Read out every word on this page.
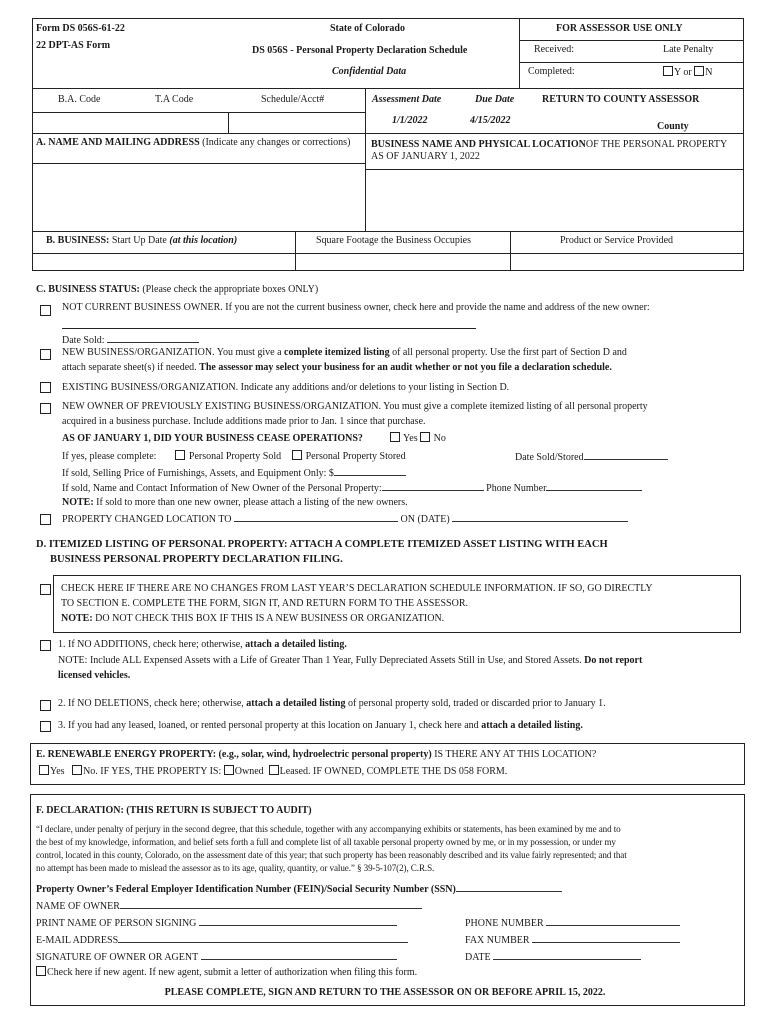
Form DS 056S-61-22
22 DPT-AS Form
State of Colorado
DS 056S - Personal Property Declaration Schedule
Confidential Data
FOR ASSESSOR USE ONLY
Received:	Late Penalty
Completed:	Y or N
B.A. Code	T.A Code	Schedule/Acct#	Assessment Date	Due Date	RETURN TO COUNTY ASSESSOR
1/1/2022	4/15/2022
County
A. NAME AND MAILING ADDRESS (Indicate any changes or corrections)	BUSINESS NAME AND PHYSICAL LOCATIONOF THE PERSONAL PROPERTY AS OF JANUARY 1, 2022
B. BUSINESS: Start Up Date (at this location)	Square Footage the Business Occupies	Product or Service Provided
C. BUSINESS STATUS: (Please check the appropriate boxes ONLY)
NOT CURRENT BUSINESS OWNER. If you are not the current business owner, check here and provide the name and address of the new owner:
Date Sold:
NEW BUSINESS/ORGANIZATION. You must give a complete itemized listing of all personal property. Use the first part of Section D and
attach separate sheet(s) if needed. The assessor may select your business for an audit whether or not you file a declaration schedule.
EXISTING BUSINESS/ORGANIZATION. Indicate any additions and/or deletions to your listing in Section D.
NEW OWNER OF PREVIOUSLY EXISTING BUSINESS/ORGANIZATION. You must give a complete itemized listing of all personal property
acquired in a business purchase. Include additions made prior to Jan. 1 since that purchase.
AS OF JANUARY 1, DID YOUR BUSINESS CEASE OPERATIONS?	Yes No
If yes, please complete:	Personal Property Sold Personal Property Stored	Date Sold/Stored
If sold, Selling Price of Furnishings, Assets, and Equipment Only: $
If sold, Name and Contact Information of New Owner of the Personal Property:	Phone Number
NOTE: If sold to more than one new owner, please attach a listing of the new owners.
PROPERTY CHANGED LOCATION TO	ON (DATE)
D. ITEMIZED LISTING OF PERSONAL PROPERTY: ATTACH A COMPLETE ITEMIZED ASSET LISTING WITH EACH
BUSINESS PERSONAL PROPERTY DECLARATION FILING.
CHECK HERE IF THERE ARE NO CHANGES FROM LAST YEAR’S DECLARATION SCHEDULE INFORMATION. IF SO, GO DIRECTLY
TO SECTION E. COMPLETE THE FORM, SIGN IT, AND RETURN FORM TO THE ASSESSOR.
NOTE: DO NOT CHECK THIS BOX IF THIS IS A NEW BUSINESS OR ORGANIZATION.
1. If NO ADDITIONS, check here; otherwise, attach a detailed listing.
NOTE: Include ALL Expensed Assets with a Life of Greater Than 1 Year, Fully Depreciated Assets Still in Use, and Stored Assets. Do not report
licensed vehicles.
2. If NO DELETIONS, check here; otherwise, attach a detailed listing of personal property sold, traded or discarded prior to January 1.
3. If you had any leased, loaned, or rented personal property at this location on January 1, check here and attach a detailed listing.
E. RENEWABLE ENERGY PROPERTY: (e.g., solar, wind, hydroelectric personal property) IS THERE ANY AT THIS LOCATION?
Yes No. IF YES, THE PROPERTY IS: Owned Leased. IF OWNED, COMPLETE THE DS 058 FORM.
F. DECLARATION: (THIS RETURN IS SUBJECT TO AUDIT)
“I declare, under penalty of perjury in the second degree, that this schedule, together with any accompanying exhibits or statements, has been examined by me and to
the best of my knowledge, information, and belief sets forth a full and complete list of all taxable personal property owned by me, or in my possession, or under my
control, located in this county, Colorado, on the assessment date of this year; that such property has been reasonably described and its value fairly represented; and that
no attempt has been made to mislead the assessor as to its age, quality, quantity, or value.” § 39-5-107(2), C.R.S.
Property Owner’s Federal Employer Identification Number (FEIN)/Social Security Number (SSN)
NAME OF OWNER
PRINT NAME OF PERSON SIGNING	PHONE NUMBER
E-MAIL ADDRESS	FAX NUMBER
SIGNATURE OF OWNER OR AGENT	DATE
Check here if new agent. If new agent, submit a letter of authorization when filing this form.
PLEASE COMPLETE, SIGN AND RETURN TO THE ASSESSOR ON OR BEFORE APRIL 15, 2022.
